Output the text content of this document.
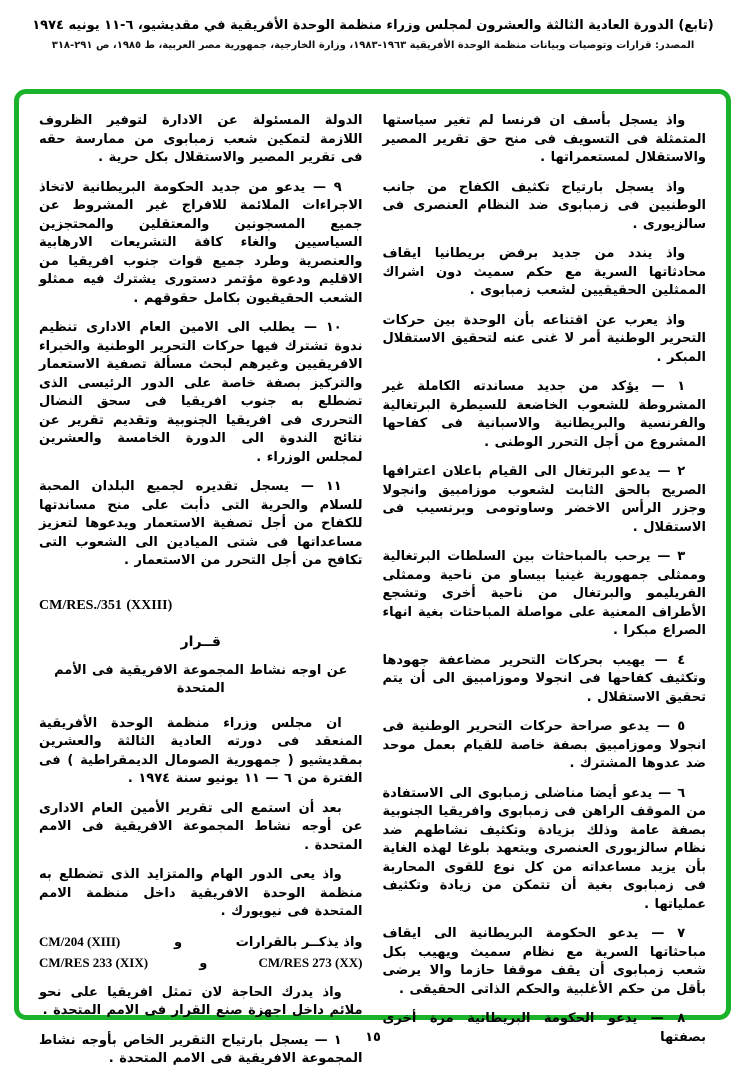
(تابع) الدورة العادية الثالثة والعشرون لمجلس وزراء منظمة الوحدة الأفريقية في مقديشيو، ٦-١١ يونيه ١٩٧٤
المصدر: قرارات وتوصيات وبيانات منظمة الوحدة الأفريقية ١٩٦٣-١٩٨٣، وزارة الخارجية، جمهورية مصر العربية، ط ١٩٨٥، ص ٢٩١-٣١٨

واذ يسجل بأسف ان فرنسا لم تغير سياستها المتمثلة فى التسويف فى منح حق تقرير المصير والاستقلال لمستعمراتها .

واذ يسجل بارتياح تكثيف الكفاح من جانب الوطنيين فى زمبابوى ضد النظام العنصرى فى سالزيورى .

واذ يندد من جديد برفض بريطانيا ايقاف محادثاتها السرية مع حكم سميث دون اشراك الممثلين الحقيقيين لشعب زمبابوى .

واذ يعرب عن اقتناعه بأن الوحدة بين حركات التحرير الوطنية أمر لا غنى عنه لتحقيق الاستقلال المبكر .

١ — يؤكد من جديد مساندته الكاملة غير المشروطة للشعوب الخاضعة للسيطرة البرتغالية والفرنسية والبريطانية والاسبانية فى كفاحها المشروع من أجل التحرر الوطنى .

٢ — يدعو البرتغال الى القيام باعلان اعترافها الصريح بالحق الثابت لشعوب موزامبيق وانجولا وجزر الرأس الاخضر وساوتومى وبرنسيب فى الاستقلال .

٣ — يرحب بالمباحثات بين السلطات البرتغالية وممثلى جمهورية غينيا بيساو من ناحية وممثلى الفريليمو والبرتغال من ناحية أخرى وتشجع الأطراف المعنية على مواصلة المباحثات بغية انهاء الصراع مبكرا .

٤ — يهيب بحركات التحرير مضاعفة جهودها وتكثيف كفاحها فى انجولا وموزامبيق الى أن يتم تحقيق الاستقلال .

٥ — يدعو صراحة حركات التحرير الوطنية فى انجولا وموزامبيق بصفة خاصة للقيام بعمل موحد ضد عدوها المشترك .

٦ — يدعو أيضا مناضلى زمبابوى الى الاستفادة من الموقف الراهن فى زمبابوى وافريقيا الجنوبية بصفة عامة وذلك بزيادة وتكثيف نشاطهم ضد نظام سالزبورى العنصرى ويتعهد بلوغا لهذه الغاية بأن يزيد مساعداته من كل نوع للقوى المحاربة فى زمبابوى بغية أن تتمكن من زيادة وتكثيف عملياتها .

٧ — يدعو الحكومة البريطانية الى ايقاف مباحثاتها السرية مع نظام سميث ويهيب بكل شعب زمبابوى أن يقف موقفا حازما والا يرضى بأقل من حكم الأغلبية والحكم الذاتى الحقيقى .

٨ — يدعو الحكومة البريطانية مرة أخرى بصفتها

الدولة المسئولة عن الادارة لتوفير الظروف اللازمة لتمكين شعب زمبابوى من ممارسة حقه فى تقرير المصير والاستقلال بكل حرية .

٩ — يدعو من جديد الحكومة البريطانية لاتخاذ الاجراءات الملائمة للافراج غير المشروط عن جميع المسجونين والمعتقلين والمحتجزين السياسيين والغاء كافة التشريعات الارهابية والعنصرية وطرد جميع قوات جنوب افريقيا من الاقليم ودعوة مؤتمر دستورى يشترك فيه ممثلو الشعب الحقيقيون بكامل حقوقهم .

١٠ — يطلب الى الامين العام الادارى تنظيم ندوة تشترك فيها حركات التحرير الوطنية والخبراء الافريقيين وغيرهم لبحث مسألة تصفية الاستعمار والتركيز بصفة خاصة على الدور الرئيسى الذى تضطلع به جنوب افريقيا فى سحق النضال التحررى فى افريقيا الجنوبية وتقديم تقرير عن نتائج الندوة الى الدورة الخامسة والعشرين لمجلس الوزراء .

١١ — يسجل تقديره لجميع البلدان المحبة للسلام والحرية التى دأبت على منح مساندتها للكفاح من أجل تصفية الاستعمار ويدعوها لتعزيز مساعداتها فى شتى الميادين الى الشعوب التى تكافح من أجل التحرر من الاستعمار .

CM/RES./351 (XXIII)

قــرار

عن اوجه نشاط المجموعة الافريقية فى الأمم المتحدة

ان مجلس وزراء منظمة الوحدة الأفريقية المنعقد فى دورته العادية الثالثة والعشرين بمقديشيو ( جمهورية الصومال الديمقراطية ) فى الفترة من ٦ — ١١ يونيو سنة ١٩٧٤ .

بعد أن استمع الى تقرير الأمين العام الادارى عن أوجه نشاط المجموعة الافريقية فى الامم المتحدة .

واذ يعى الدور الهام والمتزايد الذى تضطلع به منظمة الوحدة الافريقية داخل منظمة الامم المتحدة فى نيويورك .

واذ يذكــر بالقرارات
و
CM/204 (XIII)
CM/RES 273 (XX)
و
CM/RES 233 (XIX)

واذ يدرك الحاجة لان تمثل افريقيا على نحو ملائم داخل اجهزة صنع القرار فى الامم المتحدة .

١ — يسجل بارتياح التقرير الخاص بأوجه نشاط المجموعة الافريقية فى الامم المتحدة .

١٥
